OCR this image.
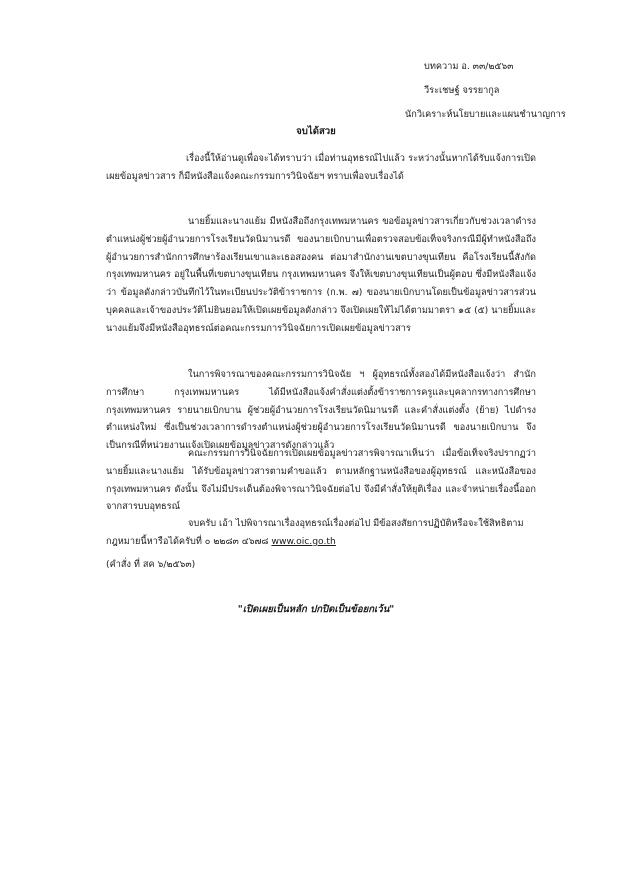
บทความ อ. ๓๓/๒๕๖๓
วีระเชษฐ์ จรรยากูล
นักวิเคราะห์นโยบายและแผนชำนาญการ
จบได้สวย
เรื่องนี้ให้อ่านดูเพื่อจะได้ทราบว่า เมื่อท่านอุทธรณ์ไปแล้ว ระหว่างนั้นหากได้รับแจ้งการเปิดเผยข้อมูลข่าวสาร ก็มีหนังสือแจ้งคณะกรรมการวินิจฉัยฯ ทราบเพื่อจบเรื่องได้
นายยิ้มและนางแย้ม มีหนังสือถึงกรุงเทพมหานคร ขอข้อมูลข่าวสารเกี่ยวกับช่วงเวลาดำรงตำแหน่งผู้ช่วยผู้อำนวยการโรงเรียนวัดนิมานรดี ของนายเบิกบานเพื่อตรวจสอบข้อเท็จจริงกรณีมีผู้ทำหนังสือถึงผู้อำนวยการสำนักการศึกษาร้องเรียนเขาและเธอสองคน ต่อมาสำนักงานเขตบางขุนเทียน คือโรงเรียนนี้สังกัดกรุงเทพมหานคร อยู่ในพื้นที่เขตบางขุนเทียน กรุงเทพมหานคร จึงให้เขตบางขุนเทียนเป็นผู้ตอบ ซึ่งมีหนังสือแจ้งว่า ข้อมูลดังกล่าวบันทึกไว้ในทะเบียนประวัติข้าราชการ (ก.พ. ๗) ของนายเบิกบานโดยเป็นข้อมูลข่าวสารส่วนบุคคลและเจ้าของประวัติไม่ยินยอมให้เปิดเผยข้อมูลดังกล่าว จึงเปิดเผยให้ไม่ได้ตามมาตรา ๑๕ (๕) นายยิ้มและนางแย้มจึงมีหนังสืออุทธรณ์ต่อคณะกรรมการวินิจฉัยการเปิดเผยข้อมูลข่าวสาร
ในการพิจารณาของคณะกรรมการวินิจฉัย ฯ ผู้อุทธรณ์ทั้งสองได้มีหนังสือแจ้งว่า สำนักการศึกษา กรุงเทพมหานคร ได้มีหนังสือแจ้งคำสั่งแต่งตั้งข้าราชการครูและบุคลากรทางการศึกษา กรุงเทพมหานคร รายนายเบิกบาน ผู้ช่วยผู้อำนวยการโรงเรียนวัดนิมานรดี และคำสั่งแต่งตั้ง (ย้าย) ไปดำรงตำแหน่งใหม่ ซึ่งเป็นช่วงเวลาการดำรงตำแหน่งผู้ช่วยผู้อำนวยการโรงเรียนวัดนิมานรดี ของนายเบิกบาน จึงเป็นกรณีที่หน่วยงานแจ้งเปิดเผยข้อมูลข่าวสารดังกล่าวแล้ว
คณะกรรมการวินิจฉัยการเปิดเผยข้อมูลข่าวสารพิจารณาเห็นว่า เมื่อข้อเท็จจริงปรากฏว่า นายยิ้มและนางแย้ม ได้รับข้อมูลข่าวสารตามคำขอแล้ว ตามหลักฐานหนังสือของผู้อุทธรณ์ และหนังสือของกรุงเทพมหานคร ดังนั้น จึงไม่มีประเด็นต้องพิจารณาวินิจฉัยต่อไป จึงมีคำสั่งให้ยุติเรื่อง และจำหน่ายเรื่องนี้ออกจากสารบบอุทธรณ์
จบครับ เอ้า ไปพิจารณาเรื่องอุทธรณ์เรื่องต่อไป มีข้อสงสัยการปฏิบัติหรือจะใช้สิทธิตามกฎหมายนี้หารือได้ครับที่ ๐ ๒๒๘๓ ๔๖๗๘ www.oic.go.th
(คำสั่ง ที่ สค ๖/๒๕๖๓)
"เปิดเผยเป็นหลัก ปกปิดเป็นข้อยกเว้น"
